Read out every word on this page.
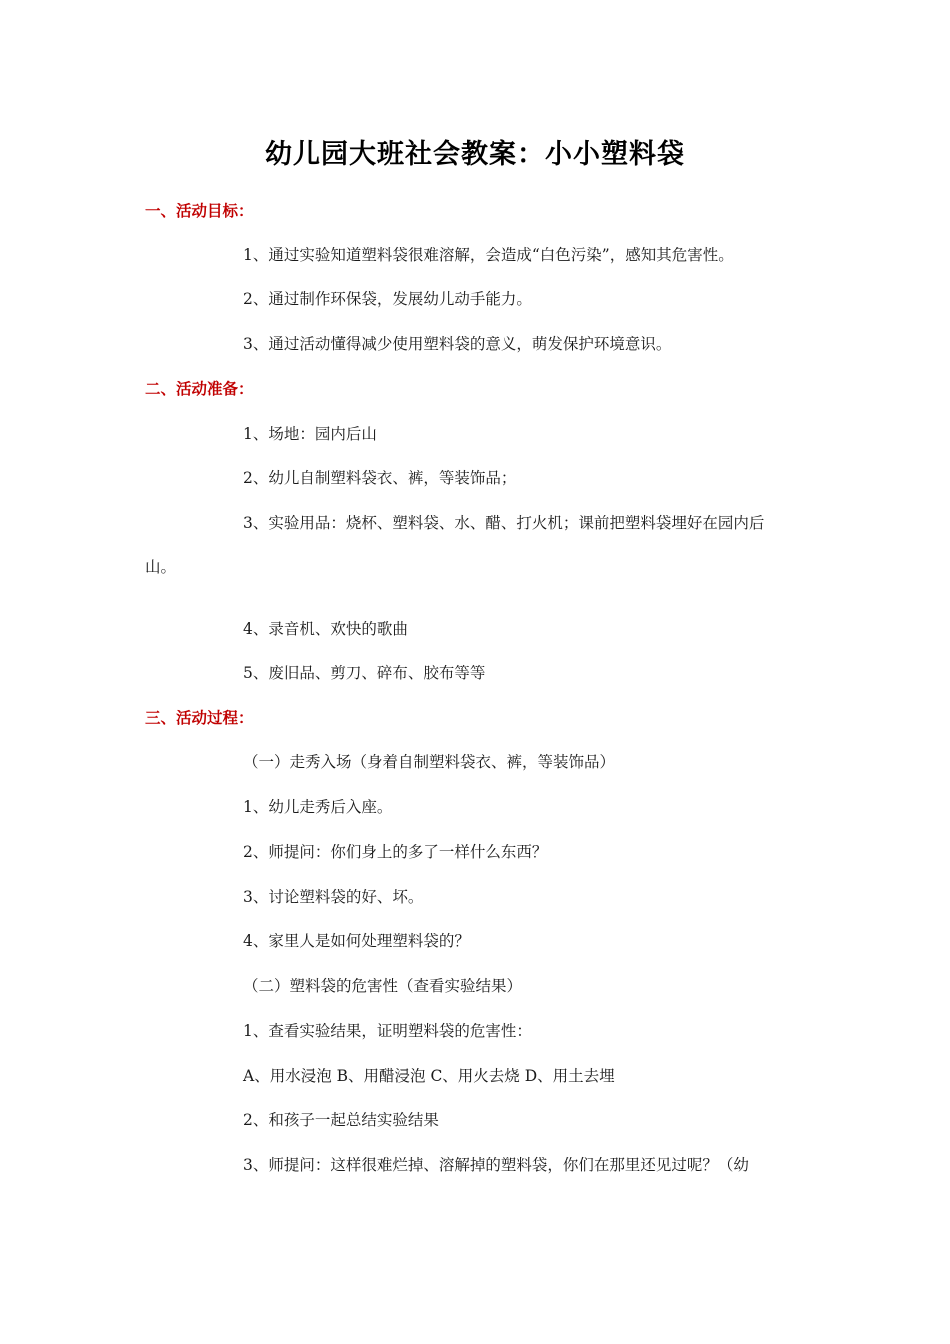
幼儿园大班社会教案：小小塑料袋
一、活动目标：
1、通过实验知道塑料袋很难溶解，会造成“白色污染”，感知其危害性。
2、通过制作环保袋，发展幼儿动手能力。
3、通过活动懂得减少使用塑料袋的意义，萌发保护环境意识。
二、活动准备：
1、场地：园内后山
2、幼儿自制塑料袋衣、裤，等装饰品；
3、实验用品：烧杯、塑料袋、水、醋、打火机；课前把塑料袋埋好在园内后
山。
4、录音机、欢快的歌曲
5、废旧品、剪刀、碎布、胶布等等
三、活动过程：
（一）走秀入场（身着自制塑料袋衣、裤，等装饰品）
1、幼儿走秀后入座。
2、师提问：你们身上的多了一样什么东西？
3、讨论塑料袋的好、坏。
4、家里人是如何处理塑料袋的？
（二）塑料袋的危害性（查看实验结果）
1、查看实验结果，证明塑料袋的危害性：
A、用水浸泡 B、用醋浸泡 C、用火去烧 D、用土去埋
2、和孩子一起总结实验结果
3、师提问：这样很难烂掉、溶解掉的塑料袋，你们在那里还见过呢？（幼
